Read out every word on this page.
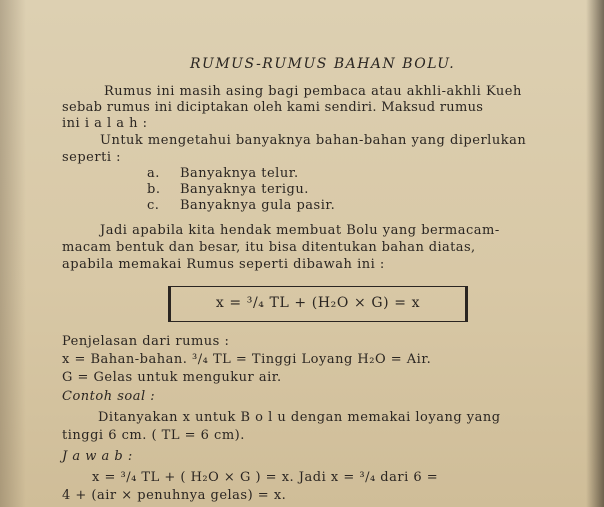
RUMUS-RUMUS BAHAN BOLU.
Rumus ini masih asing bagi pembaca atau akhli-akhli Kueh
sebab rumus ini diciptakan oleh kami sendiri. Maksud rumus
ini i a l a h :
Untuk mengetahui banyaknya bahan-bahan yang diperlukan
seperti :
a. Banyaknya telur.
b. Banyaknya terigu.
c. Banyaknya gula pasir.
Jadi apabila kita hendak membuat Bolu yang bermacam-
macam bentuk dan besar, itu bisa ditentukan bahan diatas,
apabila memakai Rumus seperti dibawah ini :
x = ³/₄ TL + (H₂O × G) = x
Penjelasan dari rumus :
x = Bahan-bahan. ³/₄ TL = Tinggi Loyang H₂O = Air.
G = Gelas untuk mengukur air.
Contoh soal :
Ditanyakan x untuk B o l u dengan memakai loyang yang
tinggi 6 cm. ( TL = 6 cm).
J a w a b :
x = ³/₄ TL + ( H₂O × G ) = x. Jadi x = ³/₄ dari 6 =
4 + (air × penuhnya gelas) = x.
